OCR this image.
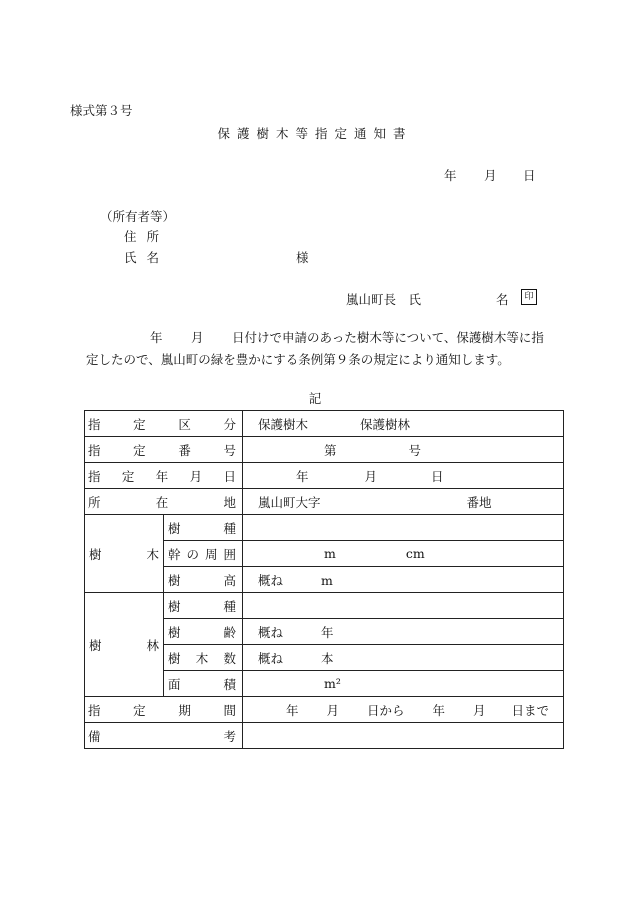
様式第３号
保護樹木等指定通知書
年 月 日
（所有者等）
住所
氏名	様
嵐山町長　氏	名	印
年 月 日付けで申請のあった樹木等について、保護樹木等に指
定したので、嵐山町の緑を豊かにする条例第９条の規定により通知します。
記
指定区分		保護樹木 保護樹林
指定番号		第 号
指定年月日		年 月 日
所在地		嵐山町大字 番地
樹木	樹種	
	幹の周囲	m cm
	樹高	概ね m
樹林	樹種	
	樹齢	概ね 年
	樹木数	概ね 本
	面積	m²
指定期間		年 月 日から 年 月 日まで
備考		
